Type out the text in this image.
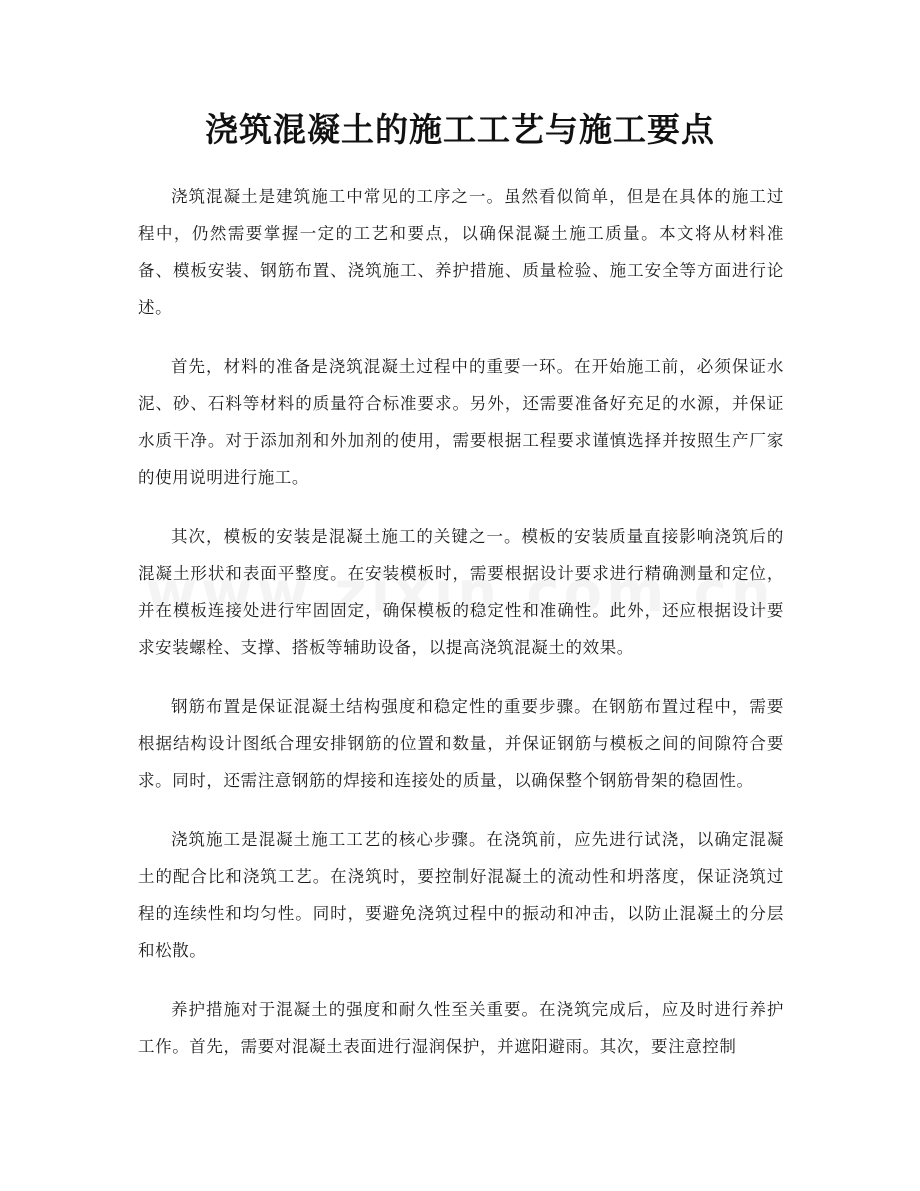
浇筑混凝土的施工工艺与施工要点

浇筑混凝土是建筑施工中常见的工序之一。虽然看似简单，但是在具体的施工过程中，仍然需要掌握一定的工艺和要点，以确保混凝土施工质量。本文将从材料准备、模板安装、钢筋布置、浇筑施工、养护措施、质量检验、施工安全等方面进行论述。

首先，材料的准备是浇筑混凝土过程中的重要一环。在开始施工前，必须保证水泥、砂、石料等材料的质量符合标准要求。另外，还需要准备好充足的水源，并保证水质干净。对于添加剂和外加剂的使用，需要根据工程要求谨慎选择并按照生产厂家的使用说明进行施工。

其次，模板的安装是混凝土施工的关键之一。模板的安装质量直接影响浇筑后的混凝土形状和表面平整度。在安装模板时，需要根据设计要求进行精确测量和定位，并在模板连接处进行牢固固定，确保模板的稳定性和准确性。此外，还应根据设计要求安装螺栓、支撑、搭板等辅助设备，以提高浇筑混凝土的效果。

钢筋布置是保证混凝土结构强度和稳定性的重要步骤。在钢筋布置过程中，需要根据结构设计图纸合理安排钢筋的位置和数量，并保证钢筋与模板之间的间隙符合要求。同时，还需注意钢筋的焊接和连接处的质量，以确保整个钢筋骨架的稳固性。

浇筑施工是混凝土施工工艺的核心步骤。在浇筑前，应先进行试浇，以确定混凝土的配合比和浇筑工艺。在浇筑时，要控制好混凝土的流动性和坍落度，保证浇筑过程的连续性和均匀性。同时，要避免浇筑过程中的振动和冲击，以防止混凝土的分层和松散。

养护措施对于混凝土的强度和耐久性至关重要。在浇筑完成后，应及时进行养护工作。首先，需要对混凝土表面进行湿润保护，并遮阳避雨。其次，要注意控制
